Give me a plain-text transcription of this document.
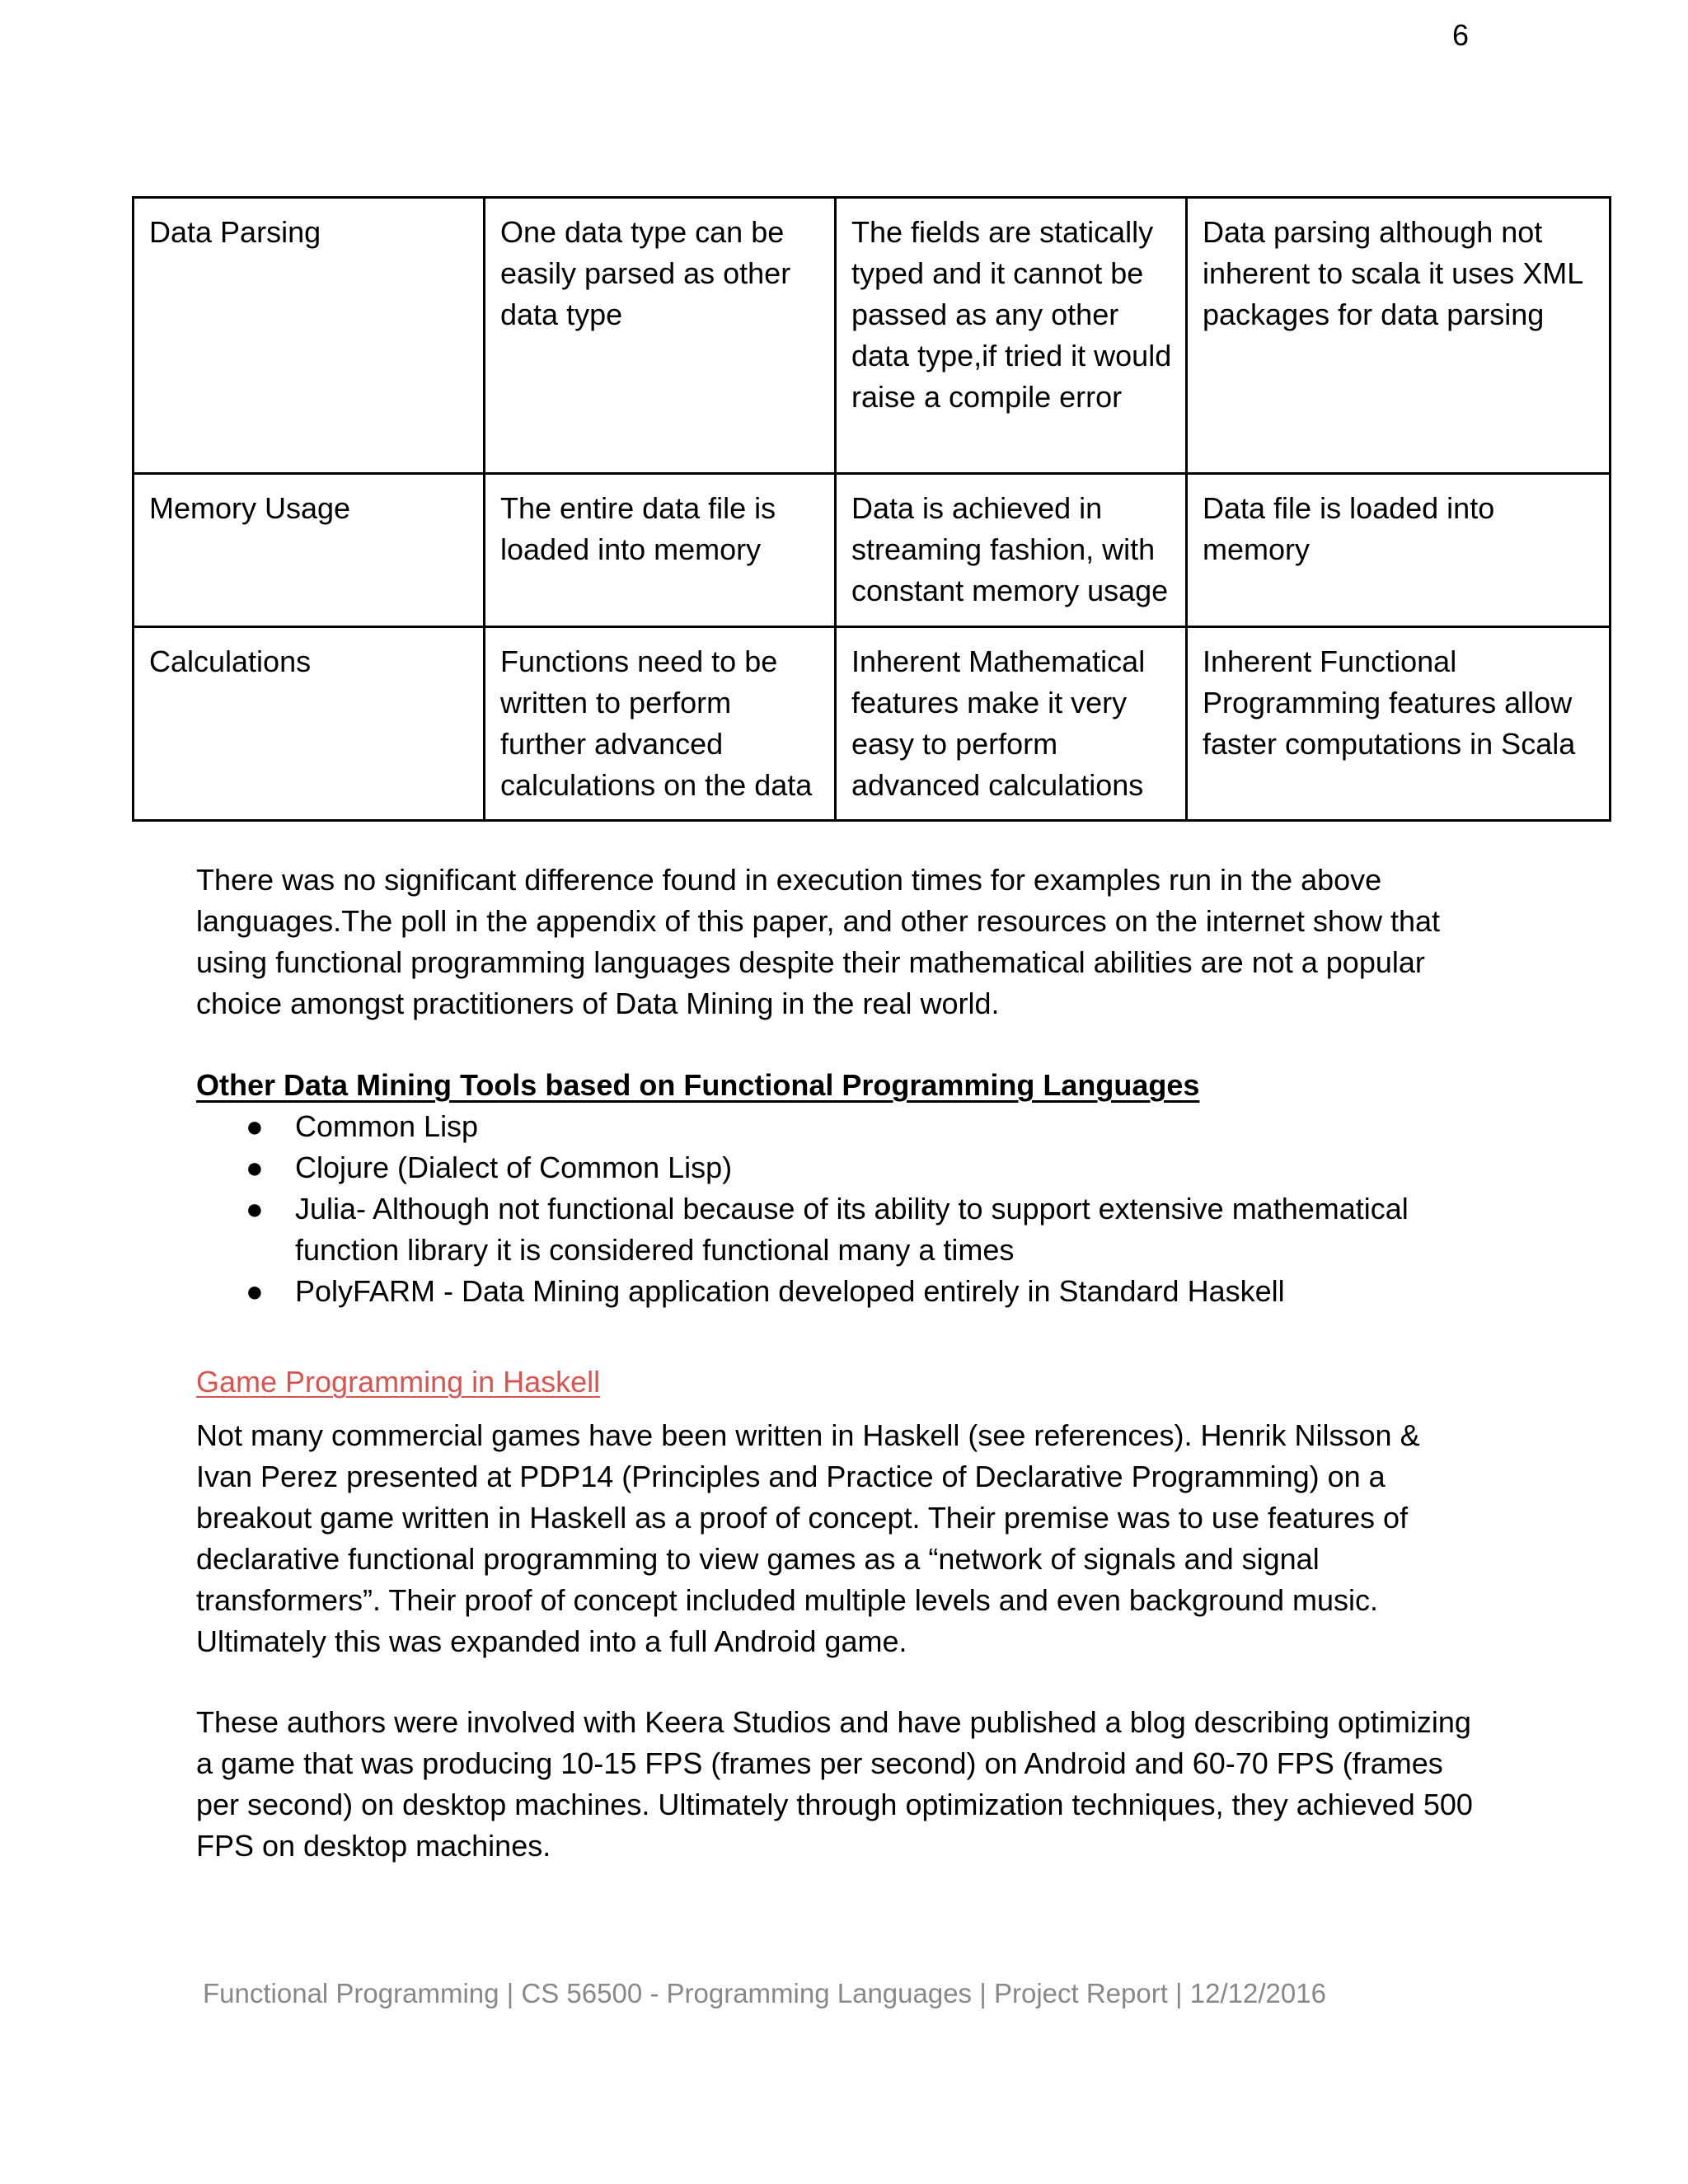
6
Data Parsing	One data type can be easily parsed as other data type	The fields are statically typed and it cannot be passed as any other data type,if tried it would raise a compile error	Data parsing although not inherent to scala it uses XML packages for data parsing
Memory Usage	The entire data file is loaded into memory	Data is achieved in streaming fashion, with constant memory usage	Data file is loaded into memory
Calculations	Functions need to be written to perform further advanced calculations on the data	Inherent Mathematical features make it very easy to perform advanced calculations	Inherent Functional Programming features allow faster computations in Scala
There was no significant difference found in execution times for examples run in the above languages.The poll in the appendix of this paper, and other resources on the internet show that using functional programming languages despite their mathematical abilities are not a popular choice amongst practitioners of Data Mining in the real world.
Other Data Mining Tools based on Functional Programming Languages
● Common Lisp
● Clojure (Dialect of Common Lisp)
● Julia- Although not functional because of its ability to support extensive mathematical function library it is considered functional many a times
● PolyFARM - Data Mining application developed entirely in Standard Haskell
Game Programming in Haskell
Not many commercial games have been written in Haskell (see references). Henrik Nilsson & Ivan Perez presented at PDP14 (Principles and Practice of Declarative Programming) on a breakout game written in Haskell as a proof of concept. Their premise was to use features of declarative functional programming to view games as a “network of signals and signal transformers”. Their proof of concept included multiple levels and even background music. Ultimately this was expanded into a full Android game.
These authors were involved with Keera Studios and have published a blog describing optimizing a game that was producing 10-15 FPS (frames per second) on Android and 60-70 FPS (frames per second) on desktop machines. Ultimately through optimization techniques, they achieved 500 FPS on desktop machines.
Functional Programming | CS 56500 - Programming Languages | Project Report | 12/12/2016
